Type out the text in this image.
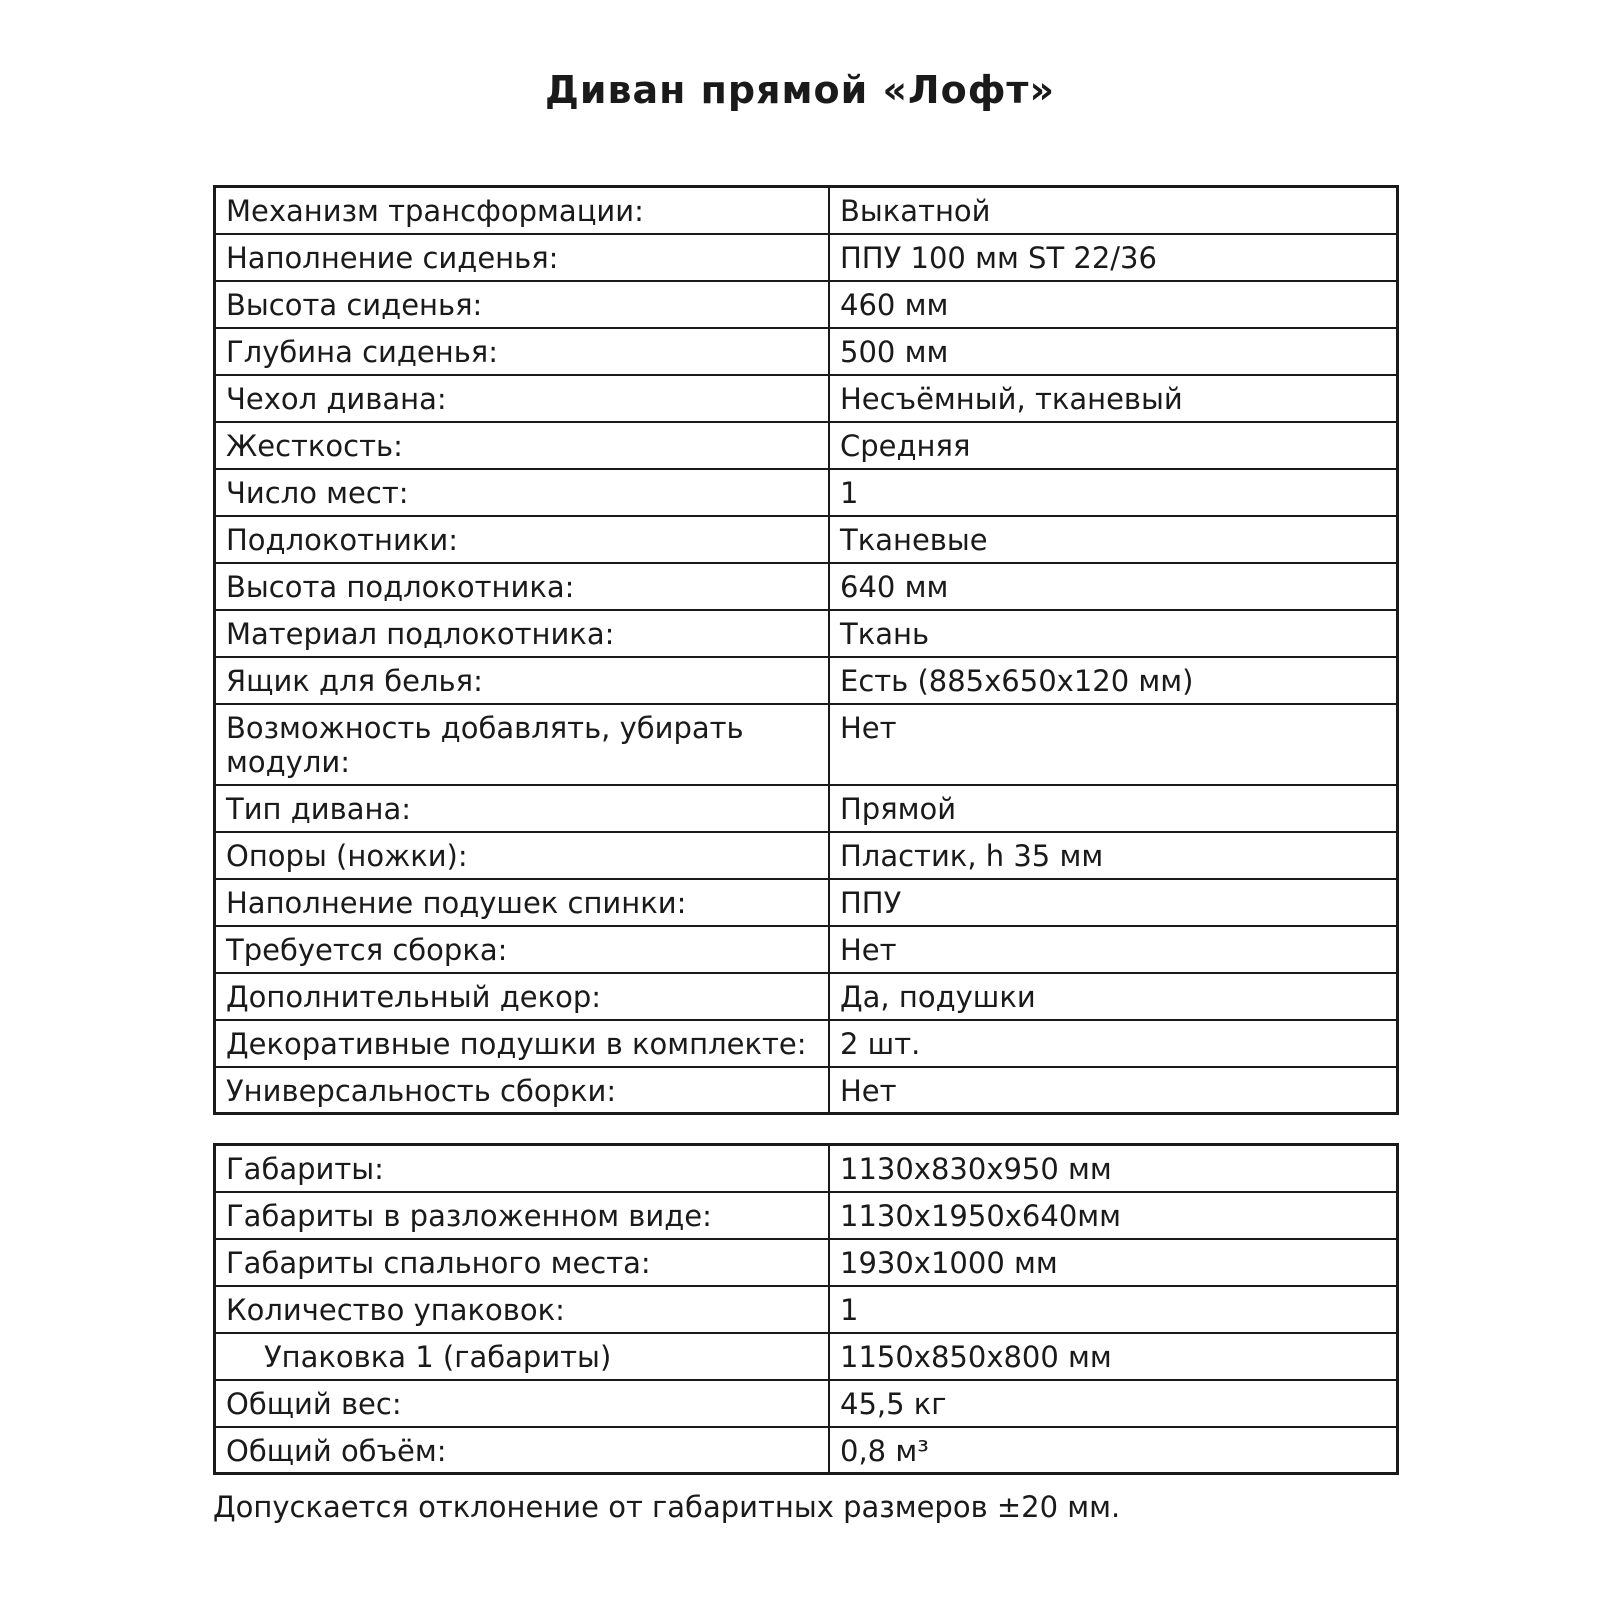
Диван прямой «Лофт»
Механизм трансформации:	Выкатной
Наполнение сиденья:	ППУ 100 мм ST 22/36
Высота сиденья:	460 мм
Глубина сиденья:	500 мм
Чехол дивана:	Несъёмный, тканевый
Жесткость:	Средняя
Число мест:	1
Подлокотники:	Тканевые
Высота подлокотника:	640 мм
Материал подлокотника:	Ткань
Ящик для белья:	Есть (885х650х120 мм)
Возможность добавлять, убирать модули:	Нет
Тип дивана:	Прямой
Опоры (ножки):	Пластик, h 35 мм
Наполнение подушек спинки:	ППУ
Требуется сборка:	Нет
Дополнительный декор:	Да, подушки
Декоративные подушки в комплекте:	2 шт.
Универсальность сборки:	Нет
Габариты:	1130х830х950 мм
Габариты в разложенном виде:	1130х1950х640мм
Габариты спального места:	1930х1000 мм
Количество упаковок:	1
Упаковка 1 (габариты)	1150х850х800 мм
Общий вес:	45,5 кг
Общий объём:	0,8 м³

Допускается отклонение от габаритных размеров ±20 мм.
